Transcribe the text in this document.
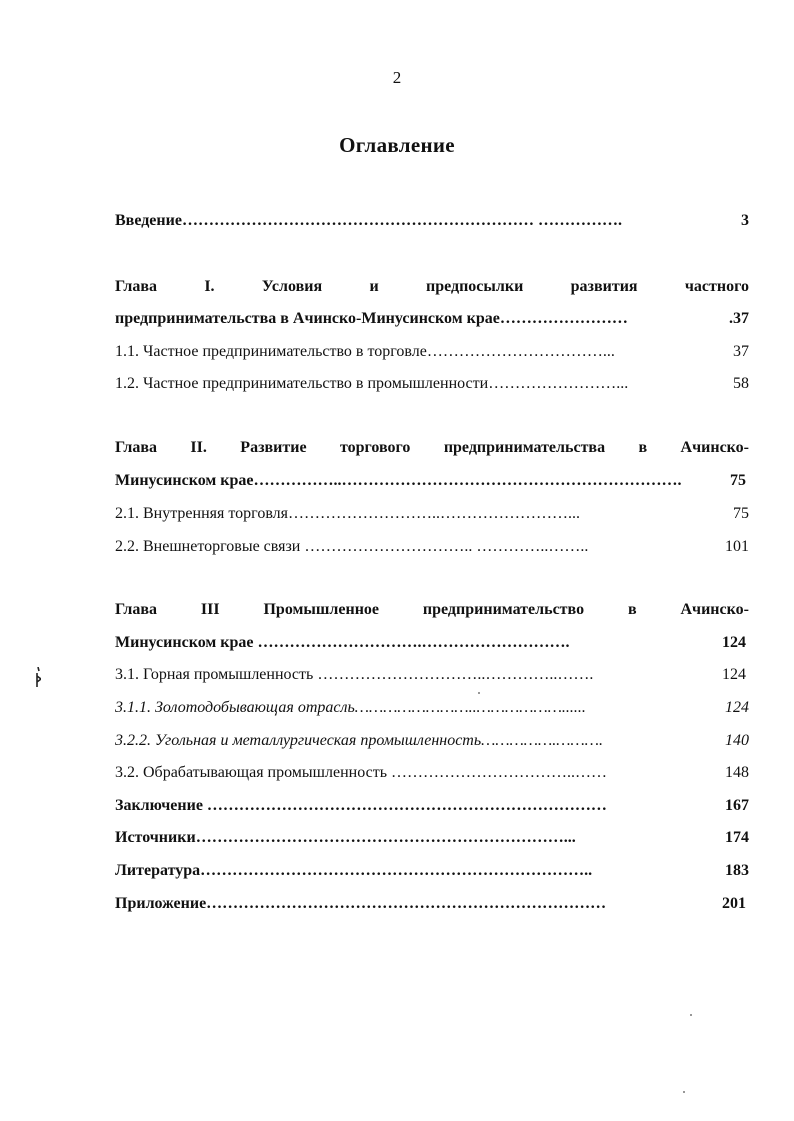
2
Оглавление
Введение………………………………………………………… …………….	3
Глава	I.	Условия	и	предпосылки	развития	частного
предпринимательства в Ачинско-Минусинском крае……………………	.37
1.1. Частное предпринимательство в торговле……………………………...	37
1.2. Частное предпринимательство в промышленности……………………...	58
Глава II. Развитие торгового предпринимательства в Ачинско-
Минусинском крае……………..……………………………………………………….	75
2.1. Внутренняя торговля………………………..……………………...	75
2.2. Внешнеторговые связи ………………………….. …………..……..	101
Глава	III	Промышленное	предпринимательство	в	Ачинско-
Минусинском крае ………………………….……………………….	124
3.1. Горная промышленность …………………………..…………..…….	124
3.1.1. Золотодобывающая отрасль……………………..………………......	124
3.2.2. Угольная и металлургическая промышленность…………….……….	140
3.2. Обрабатывающая промышленность ……………………………..……	148
Заключение …………………………………………………………………	167
Источники……………………………………………………………...	174
Литература………………………………………………………………..	183
Приложение…………………………………………………………………	201
